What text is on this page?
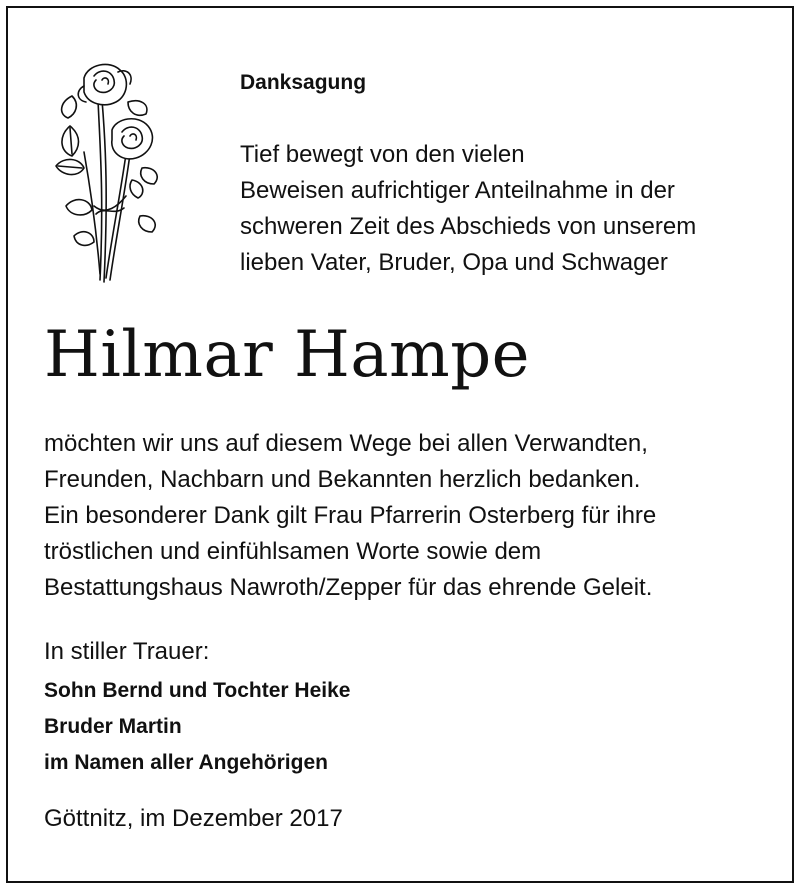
Danksagung
Tief bewegt von den vielen
Beweisen aufrichtiger Anteilnahme in der
schweren Zeit des Abschieds von unserem
lieben Vater, Bruder, Opa und Schwager
Hilmar Hampe
möchten wir uns auf diesem Wege bei allen Verwandten,
Freunden, Nachbarn und Bekannten herzlich bedanken.
Ein besonderer Dank gilt Frau Pfarrerin Osterberg für ihre
tröstlichen und einfühlsamen Worte sowie dem
Bestattungshaus Nawroth/Zepper für das ehrende Geleit.
In stiller Trauer:
Sohn Bernd und Tochter Heike
Bruder Martin
im Namen aller Angehörigen
Göttnitz, im Dezember 2017
